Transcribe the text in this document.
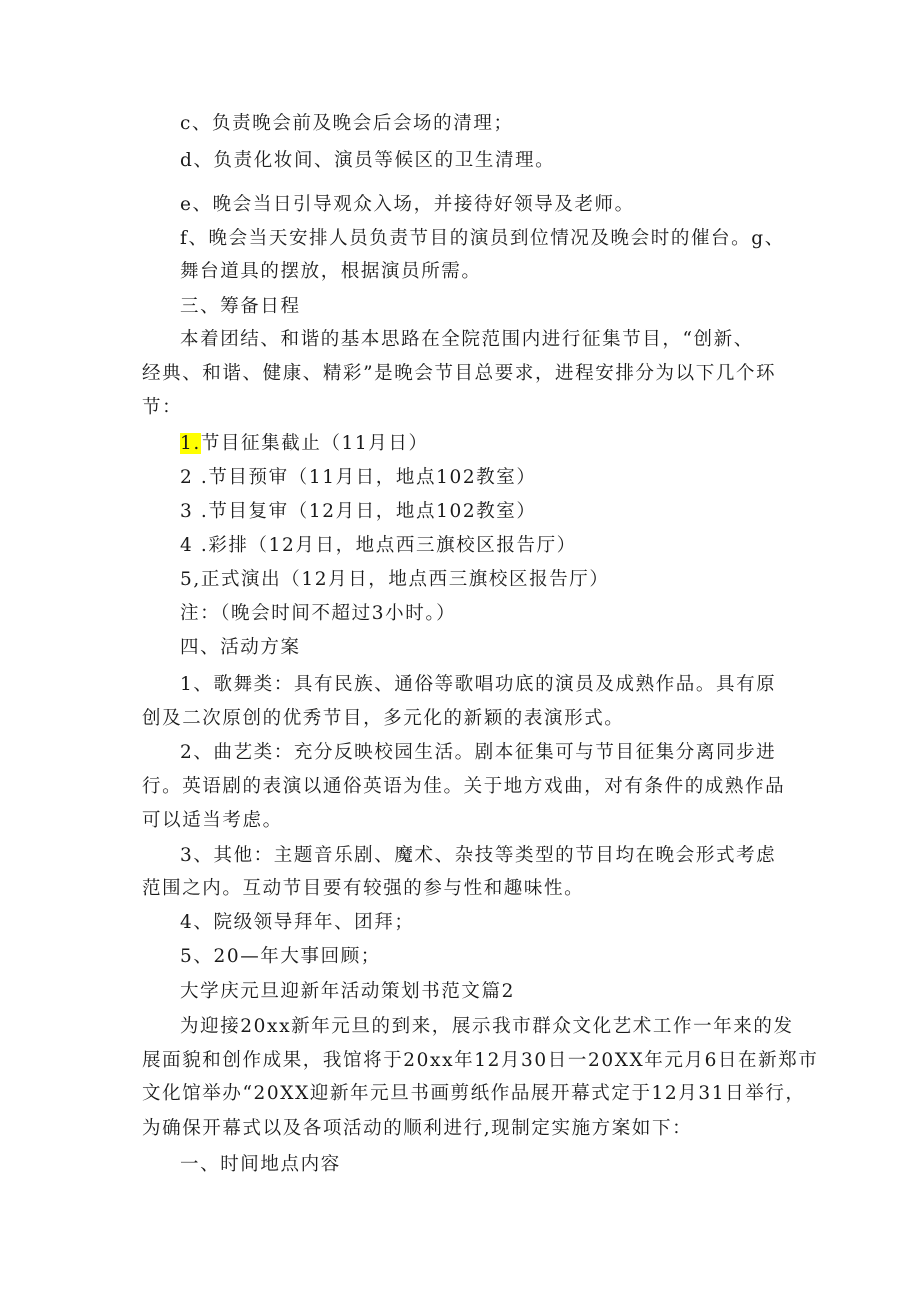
c、负责晚会前及晚会后会场的清理；

d、负责化妆间、演员等候区的卫生清理。

e、晚会当日引导观众入场，并接待好领导及老师。

f、晚会当天安排人员负责节目的演员到位情况及晚会时的催台。g、

舞台道具的摆放，根据演员所需。

三、筹备日程

本着团结、和谐的基本思路在全院范围内进行征集节目，“创新、

经典、和谐、健康、精彩”是晚会节目总要求，进程安排分为以下几个环

节：

1.节目征集截止（11月日）

2 .节目预审（11月日，地点102教室）

3 .节目复审（12月日，地点102教室）

4 .彩排（12月日，地点西三旗校区报告厅）

5,正式演出（12月日，地点西三旗校区报告厅）

注：（晚会时间不超过3小时。）

四、活动方案

1、歌舞类：具有民族、通俗等歌唱功底的演员及成熟作品。具有原

创及二次原创的优秀节目，多元化的新颖的表演形式。

2、曲艺类：充分反映校园生活。剧本征集可与节目征集分离同步进

行。英语剧的表演以通俗英语为佳。关于地方戏曲，对有条件的成熟作品

可以适当考虑。

3、其他：主题音乐剧、魔术、杂技等类型的节目均在晚会形式考虑

范围之内。互动节目要有较强的参与性和趣味性。

4、院级领导拜年、团拜；

5、20—年大事回顾；

大学庆元旦迎新年活动策划书范文篇2

为迎接20xx新年元旦的到来，展示我市群众文化艺术工作一年来的发

展面貌和创作成果，我馆将于20xx年12月30日一20XX年元月6日在新郑市

文化馆举办“20XX迎新年元旦书画剪纸作品展开幕式定于12月31日举行，

为确保开幕式以及各项活动的顺利进行,现制定实施方案如下：

一、时间地点内容
